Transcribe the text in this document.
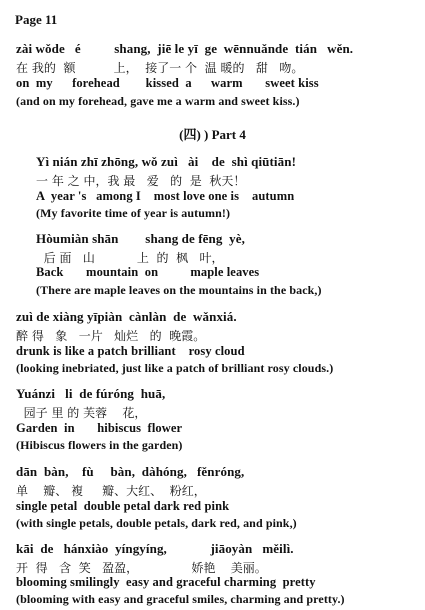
Page 11
zài wǒde   é          shang,  jiē le yī  ge  wēnnuǎnde  tián   wěn.
在 我的  额          上，  接了一 个  温 暖的   甜   吻。
on  my      forehead        kissed  a      warm       sweet kiss
(and on my forehead, gave me a warm and sweet kiss.)
(四) ) Part 4
Yì nián zhī zhōng, wǒ zuì   ài    de  shì qiūtiān!
一 年 之 中，我 最   爱   的  是  秋天！
A  year 's   among I    most love one is    autumn
(My favorite time of year is autumn!)
Hòumiàn shān        shang de fēng  yè,
后 面   山           上  的  枫   叶，
Back       mountain  on          maple leaves
(There are maple leaves on the mountains in the back,)
zuì de xiàng yīpiàn  cànlàn  de  wǎnxiá.
醉 得   象   一片   灿烂   的  晚霞。
drunk is like a patch brilliant    rosy cloud
(looking inebriated, just like a patch of brilliant rosy clouds.)
Yuánzi   li  de fúróng  huā,
园子 里 的 芙蓉    花，
Garden  in       hibiscus  flower
(Hibiscus flowers in the garden)
dān  bàn,    fù     bàn,  dàhóng,   fěnróng,
单    瓣、 複     瓣、大红、  粉红，
single petal  double petal dark red pink
(with single petals, double petals, dark red, and pink,)
kāi  de   hánxiào  yíngyíng,             jiāoyàn   měilì.
开  得   含  笑   盈盈，              娇艳    美丽。
blooming smilingly  easy and graceful charming  pretty
(blooming with easy and graceful smiles, charming and pretty.)
